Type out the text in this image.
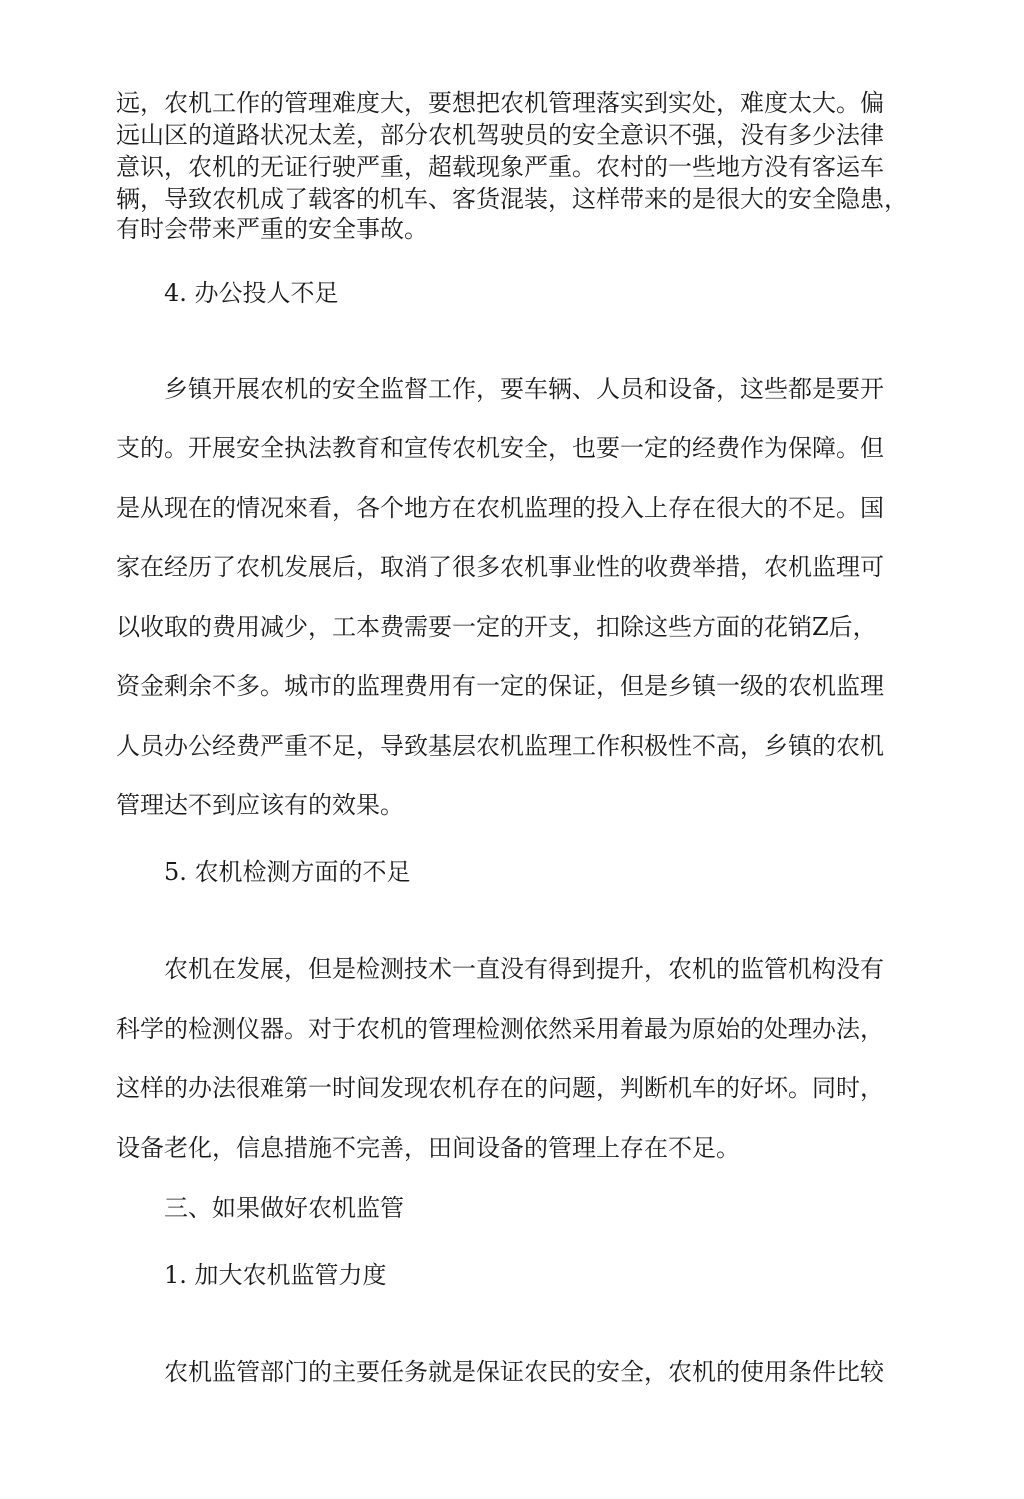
远，农机工作的管理难度大，要想把农机管理落实到实处，难度太大。偏
远山区的道路状况太差，部分农机驾驶员的安全意识不强，没有多少法律
意识，农机的无证行驶严重，超载现象严重。农村的一些地方没有客运车
辆，导致农机成了载客的机车、客货混装，这样带来的是很大的安全隐患，
有时会带来严重的安全事故。
4. 办公投人不足
乡镇开展农机的安全监督工作，要车辆、人员和设备，这些都是要开
支的。开展安全执法教育和宣传农机安全，也要一定的经费作为保障。但
是从现在的情况來看，各个地方在农机监理的投入上存在很大的不足。国
家在经历了农机发展后，取消了很多农机事业性的收费举措，农机监理可
以收取的费用减少，工本费需要一定的开支，扣除这些方面的花销Z后，
资金剩余不多。城市的监理费用有一定的保证，但是乡镇一级的农机监理
人员办公经费严重不足，导致基层农机监理工作积极性不高，乡镇的农机
管理达不到应该有的效果。
5. 农机检测方面的不足
农机在发展，但是检测技术一直没有得到提升，农机的监管机构没有
科学的检测仪器。对于农机的管理检测依然采用着最为原始的处理办法，
这样的办法很难第一时间发现农机存在的问题，判断机车的好坏。同时，
设备老化，信息措施不完善，田间设备的管理上存在不足。
三、如果做好农机监管
1. 加大农机监管力度
农机监管部门的主要任务就是保证农民的安全，农机的使用条件比较
